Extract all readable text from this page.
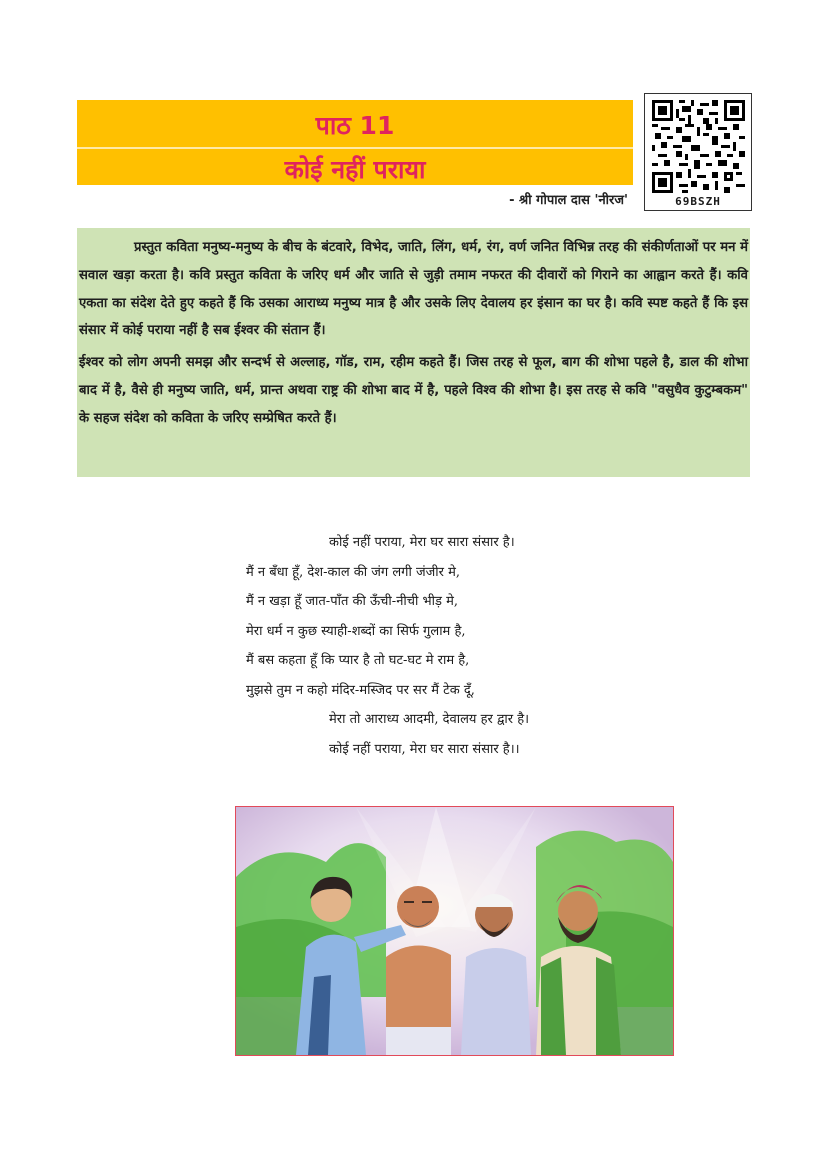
पाठ 11
कोई नहीं पराया
- श्री गोपाल दास 'नीरज'	69BSZH

प्रस्तुत कविता मनुष्य-मनुष्य के बीच के बंटवारे, विभेद, जाति, लिंग, धर्म, रंग, वर्ण जनित विभिन्न तरह की संकीर्णताओं पर मन में सवाल खड़ा करता है। कवि प्रस्तुत कविता के जरिए धर्म और जाति से जुड़ी तमाम नफरत की दीवारों को गिराने का आह्वान करते हैं। कवि एकता का संदेश देते हुए कहते हैं कि उसका आराध्य मनुष्य मात्र है और उसके लिए देवालय हर इंसान का घर है। कवि स्पष्ट कहते हैं कि इस संसार में कोई पराया नहीं है सब ईश्वर की संतान हैं।

ईश्वर को लोग अपनी समझ और सन्दर्भ से अल्लाह, गॉड, राम, रहीम कहते हैं। जिस तरह से फूल, बाग की शोभा पहले है, डाल की शोभा बाद में है, वैसे ही मनुष्य जाति, धर्म, प्रान्त अथवा राष्ट्र की शोभा बाद में है, पहले विश्व की शोभा है। इस तरह से कवि "वसुधैव कुटुम्बकम" के सहज संदेश को कविता के जरिए सम्प्रेषित करते हैं।

कोई नहीं पराया, मेरा घर सारा संसार है।
मैं न बँधा हूँ, देश-काल की जंग लगी जंजीर मे,
मैं न खड़ा हूँ जात-पाँत की ऊँची-नीची भीड़ मे,
मेरा धर्म न कुछ स्याही-शब्दों का सिर्फ गुलाम है,
मैं बस कहता हूँ कि प्यार है तो घट-घट मे राम है,
मुझसे तुम न कहो मंदिर-मस्जिद पर सर मैं टेक दूँ,
मेरा तो आराध्य आदमी, देवालय हर द्वार है।
कोई नहीं पराया, मेरा घर सारा संसार है।।
